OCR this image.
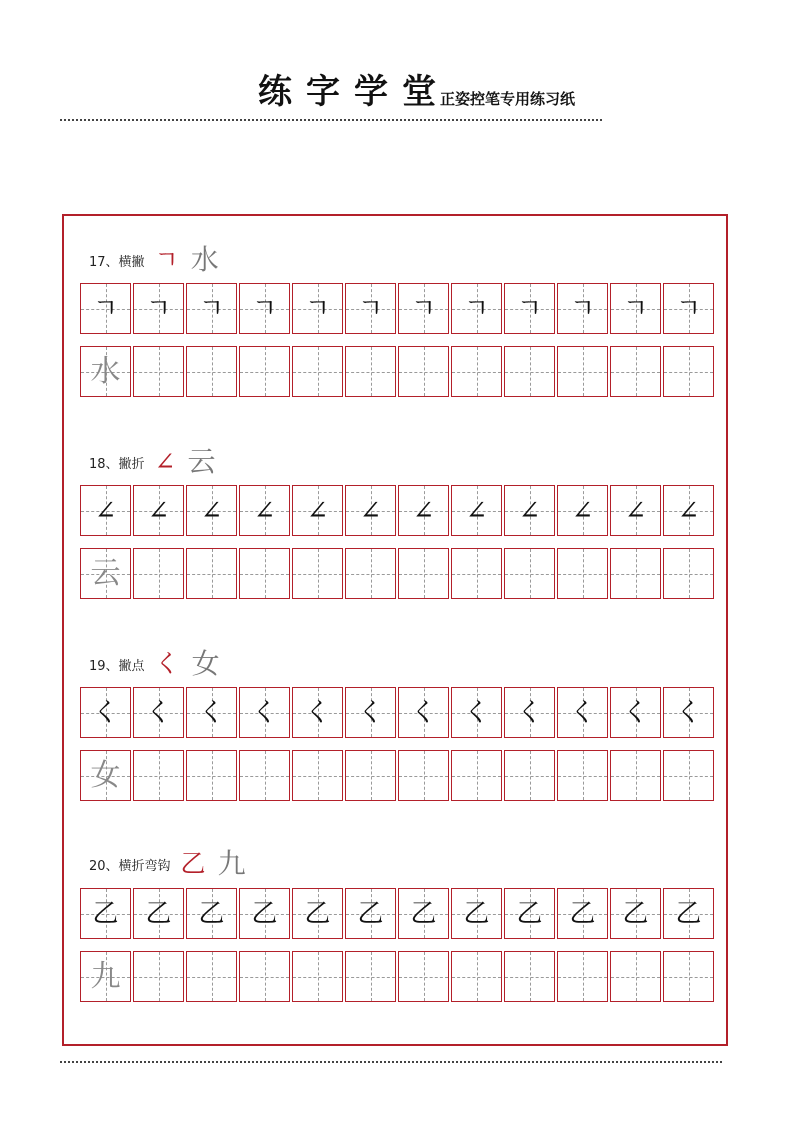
练字学堂
正姿控笔专用练习纸
17、横撇 ㄱ 水
ㄱ ㄱ ㄱ ㄱ ㄱ ㄱ ㄱ ㄱ ㄱ ㄱ ㄱ ㄱ
水
18、撇折 ∠ 云
∠ ∠ ∠ ∠ ∠ ∠ ∠ ∠ ∠ ∠ ∠ ∠
云
19、撇点 く 女
く く く く く く く く く く く く
女
20、横折弯钩 乙 九
乙 乙 乙 乙 乙 乙 乙 乙 乙 乙 乙 乙
九
